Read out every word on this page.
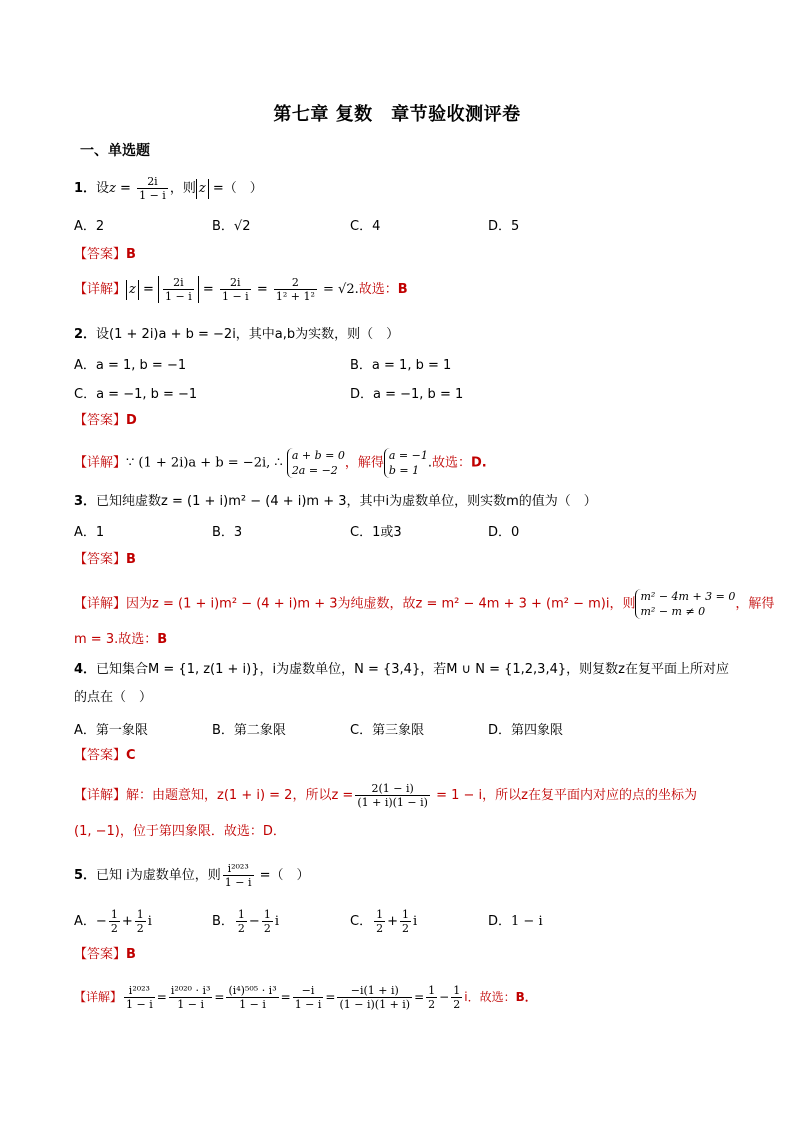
第七章 复数　章节验收测评卷
一、单选题
1．设$z = \frac{2i}{1 - i}$ ，则 z =（　）
A．2	B．√2	C．4	D．5
【答案】B
【详解】 $z = \frac{2i}{1 - i} = \frac{2i}{1 - i} = \frac{2}{\text{1² + 1²}} = √2$.故选：B
2．设(1 + 2i)a + b = −2i，其中a,b为实数，则（　）
A．a = 1, b = −1	B．a = 1, b = 1
C．a = −1, b = −1	D．a = −1, b = 1
【答案】D
【详解】∵ (1 + 2i)a + b = −2i, ∴ a + b = 0
2a = −2 ，解得 a = −1
b = 1 .故选：D.
3．已知纯虚数z = (1 + i)m² − (4 + i)m + 3，其中i为虚数单位，则实数m的值为（　）
A．1	B．3	C．1或3	D．0
【答案】B
【详解】因为z = (1 + i)m² − (4 + i)m + 3为纯虚数，故z = m² − 4m + 3 + (m² − m)i，则 m² − 4m + 3 = 0
m² − m ≠ 0	，解得
m = 3.故选：B
4．已知集合M = {1, z(1 + i)}，i为虚数单位，N = {3,4}，若M ∪ N = {1,2,3,4}，则复数z在复平面上所对应
的点在（　）
A．第一象限	B．第二象限	C．第三象限	D．第四象限
【答案】C
【详解】解：由题意知，z(1 + i) = 2，所以$z = \frac{2(1 - i)}{(1 + i)(1 - i)} = 1 - i$，所以z在复平面内对应的点的坐标为
(1, −1)，位于第四象限．故选：D．
5．已知 i为虚数单位，则 $\frac{\text{i²⁰²³}}{1 - i}$ =（　）
A．− $\frac{1}{2} + \frac{1}{2}$ i	B． $\frac{1}{2} - \frac{1}{2}$ i	C． $\frac{1}{2} + \frac{1}{2}$ i	D．1 − i
【答案】B
【详解】 $\frac{\text{i²⁰²³}}{1 - i} = \frac{\text{i²⁰²⁰ · i³}}{1 - i} = \frac{\text{(i⁴)⁵⁰⁵ · i³}}{1 - i} = \frac{-i}{1 - i} = \frac{-i(1 + i)}{(1 - i)(1 + i)} = \frac{1}{2} - \frac{1}{2}$ i．故选：B．
